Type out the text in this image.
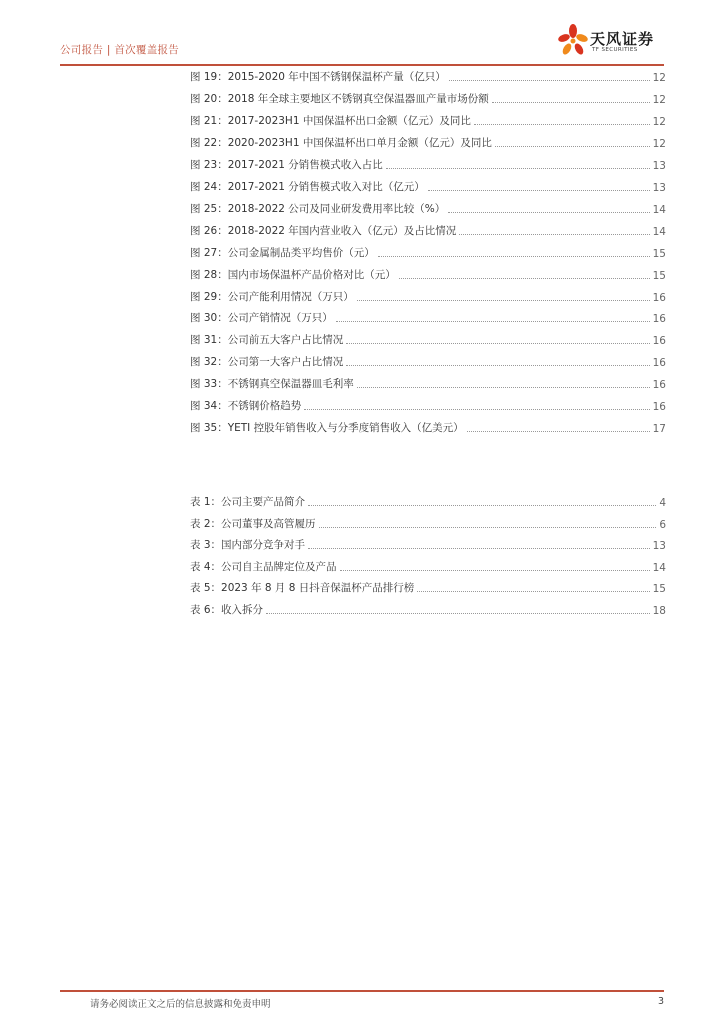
公司报告 | 首次覆盖报告
天风证券
TF SECURITIES
图 19：2015-2020 年中国不锈钢保温杯产量（亿只）	12
图 20：2018 年全球主要地区不锈钢真空保温器皿产量市场份额	12
图 21：2017-2023H1 中国保温杯出口金额（亿元）及同比	12
图 22：2020-2023H1 中国保温杯出口单月金额（亿元）及同比	12
图 23：2017-2021 分销售模式收入占比	13
图 24：2017-2021 分销售模式收入对比（亿元）	13
图 25：2018-2022 公司及同业研发费用率比较（%）	14
图 26：2018-2022 年国内营业收入（亿元）及占比情况	14
图 27：公司金属制品类平均售价（元）	15
图 28：国内市场保温杯产品价格对比（元）	15
图 29：公司产能利用情况（万只）	16
图 30：公司产销情况（万只）	16
图 31：公司前五大客户占比情况	16
图 32：公司第一大客户占比情况	16
图 33：不锈钢真空保温器皿毛利率	16
图 34：不锈钢价格趋势	16
图 35：YETI 控股年销售收入与分季度销售收入（亿美元）	17
表 1：公司主要产品简介	4
表 2：公司董事及高管履历	6
表 3：国内部分竞争对手	13
表 4：公司自主品牌定位及产品	14
表 5：2023 年 8 月 8 日抖音保温杯产品排行榜	15
表 6：收入拆分	18
请务必阅读正文之后的信息披露和免责申明	3
